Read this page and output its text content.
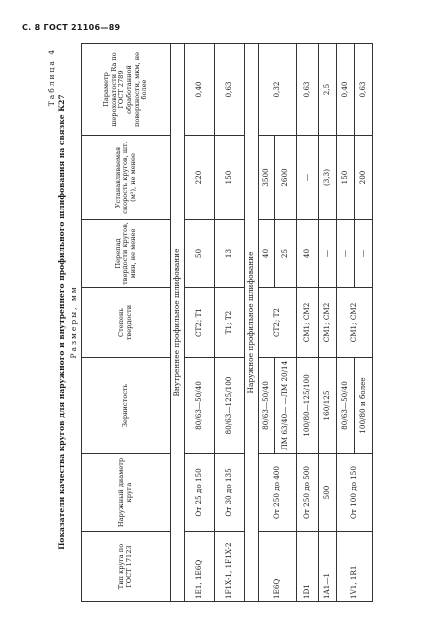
С. 8 ГОСТ 21106—89
Таблица 4
Показатели качества кругов для наружного и внутреннего профильного шлифования на связке К27 Размеры, мм
Тип круга по ГОСТ 17123	Наружный диаметр круга	Зернистость	Степень твердости	Перепад твердости кругов, мин, не менее	Устанавливаемая скорость кругов, шт. (м³), не менее	Параметр шероховатости Ra по ГОСТ 2789 обработанной поверхности, мкм, не более
Внутреннее профильное шлифование						
1E1, 1E6Q	От 25 до 150	80/63—50/40	СТ2; Т1	50	220	0,40
1F1X-1, 1F1X-2	От 30 до 135	80/63—125/100	Т1; Т2	13	150	0,63
Наружное профильное шлифование						
1E6Q	От 250 до 400	80/63—50/40	СТ2; Т2	40	3500	0,32
		ЛМ 63/40— —ЛМ 20/14		25	2600	
1D1	От 250 до 500	100/80—125/100	СМ1; СМ2	40	—	0,63
1A1—1	500	160/125	СМ1; СМ2	—	(3,3)	2,5
1V1, 1R1	От 100 до 150	80/63—50/40	СМ1; СМ2	—	150	0,40
		100/80 и более		—	200	0,63
